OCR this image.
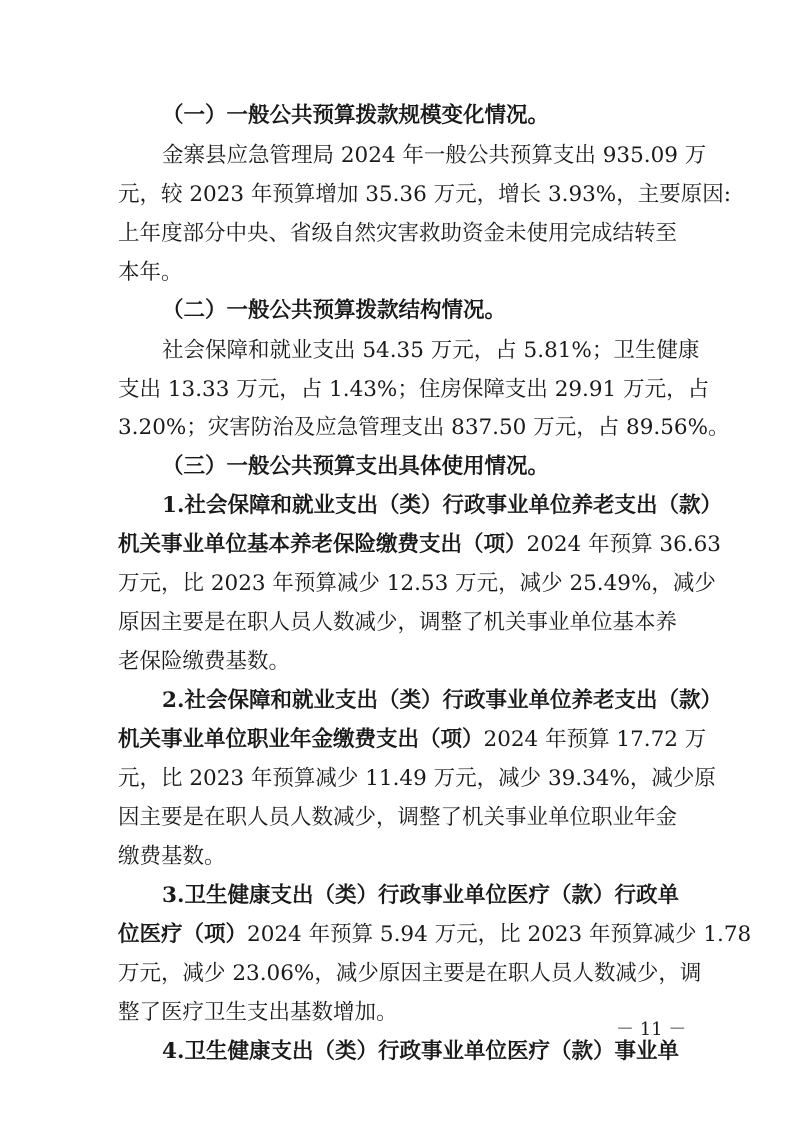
（一）一般公共预算拨款规模变化情况。
金寨县应急管理局 2024 年一般公共预算支出 935.09 万
元，较 2023 年预算增加 35.36 万元，增长 3.93%，主要原因:
上年度部分中央、省级自然灾害救助资金未使用完成结转至
本年。
（二）一般公共预算拨款结构情况。
社会保障和就业支出 54.35 万元，占 5.81%；卫生健康
支出 13.33 万元，占 1.43%；住房保障支出 29.91 万元，占
3.20%；灾害防治及应急管理支出 837.50 万元，占 89.56%。
（三）一般公共预算支出具体使用情况。
1.社会保障和就业支出（类）行政事业单位养老支出（款）
机关事业单位基本养老保险缴费支出（项）2024 年预算 36.63
万元，比 2023 年预算减少 12.53 万元，减少 25.49%，减少
原因主要是在职人员人数减少，调整了机关事业单位基本养
老保险缴费基数。
2.社会保障和就业支出（类）行政事业单位养老支出（款）
机关事业单位职业年金缴费支出（项）2024 年预算 17.72 万
元，比 2023 年预算减少 11.49 万元，减少 39.34%，减少原
因主要是在职人员人数减少，调整了机关事业单位职业年金
缴费基数。
3.卫生健康支出（类）行政事业单位医疗（款）行政单
位医疗（项）2024 年预算 5.94 万元，比 2023 年预算减少 1.78
万元，减少 23.06%，减少原因主要是在职人员人数减少，调
整了医疗卫生支出基数增加。
4.卫生健康支出（类）行政事业单位医疗（款）事业单
－ 11 －
